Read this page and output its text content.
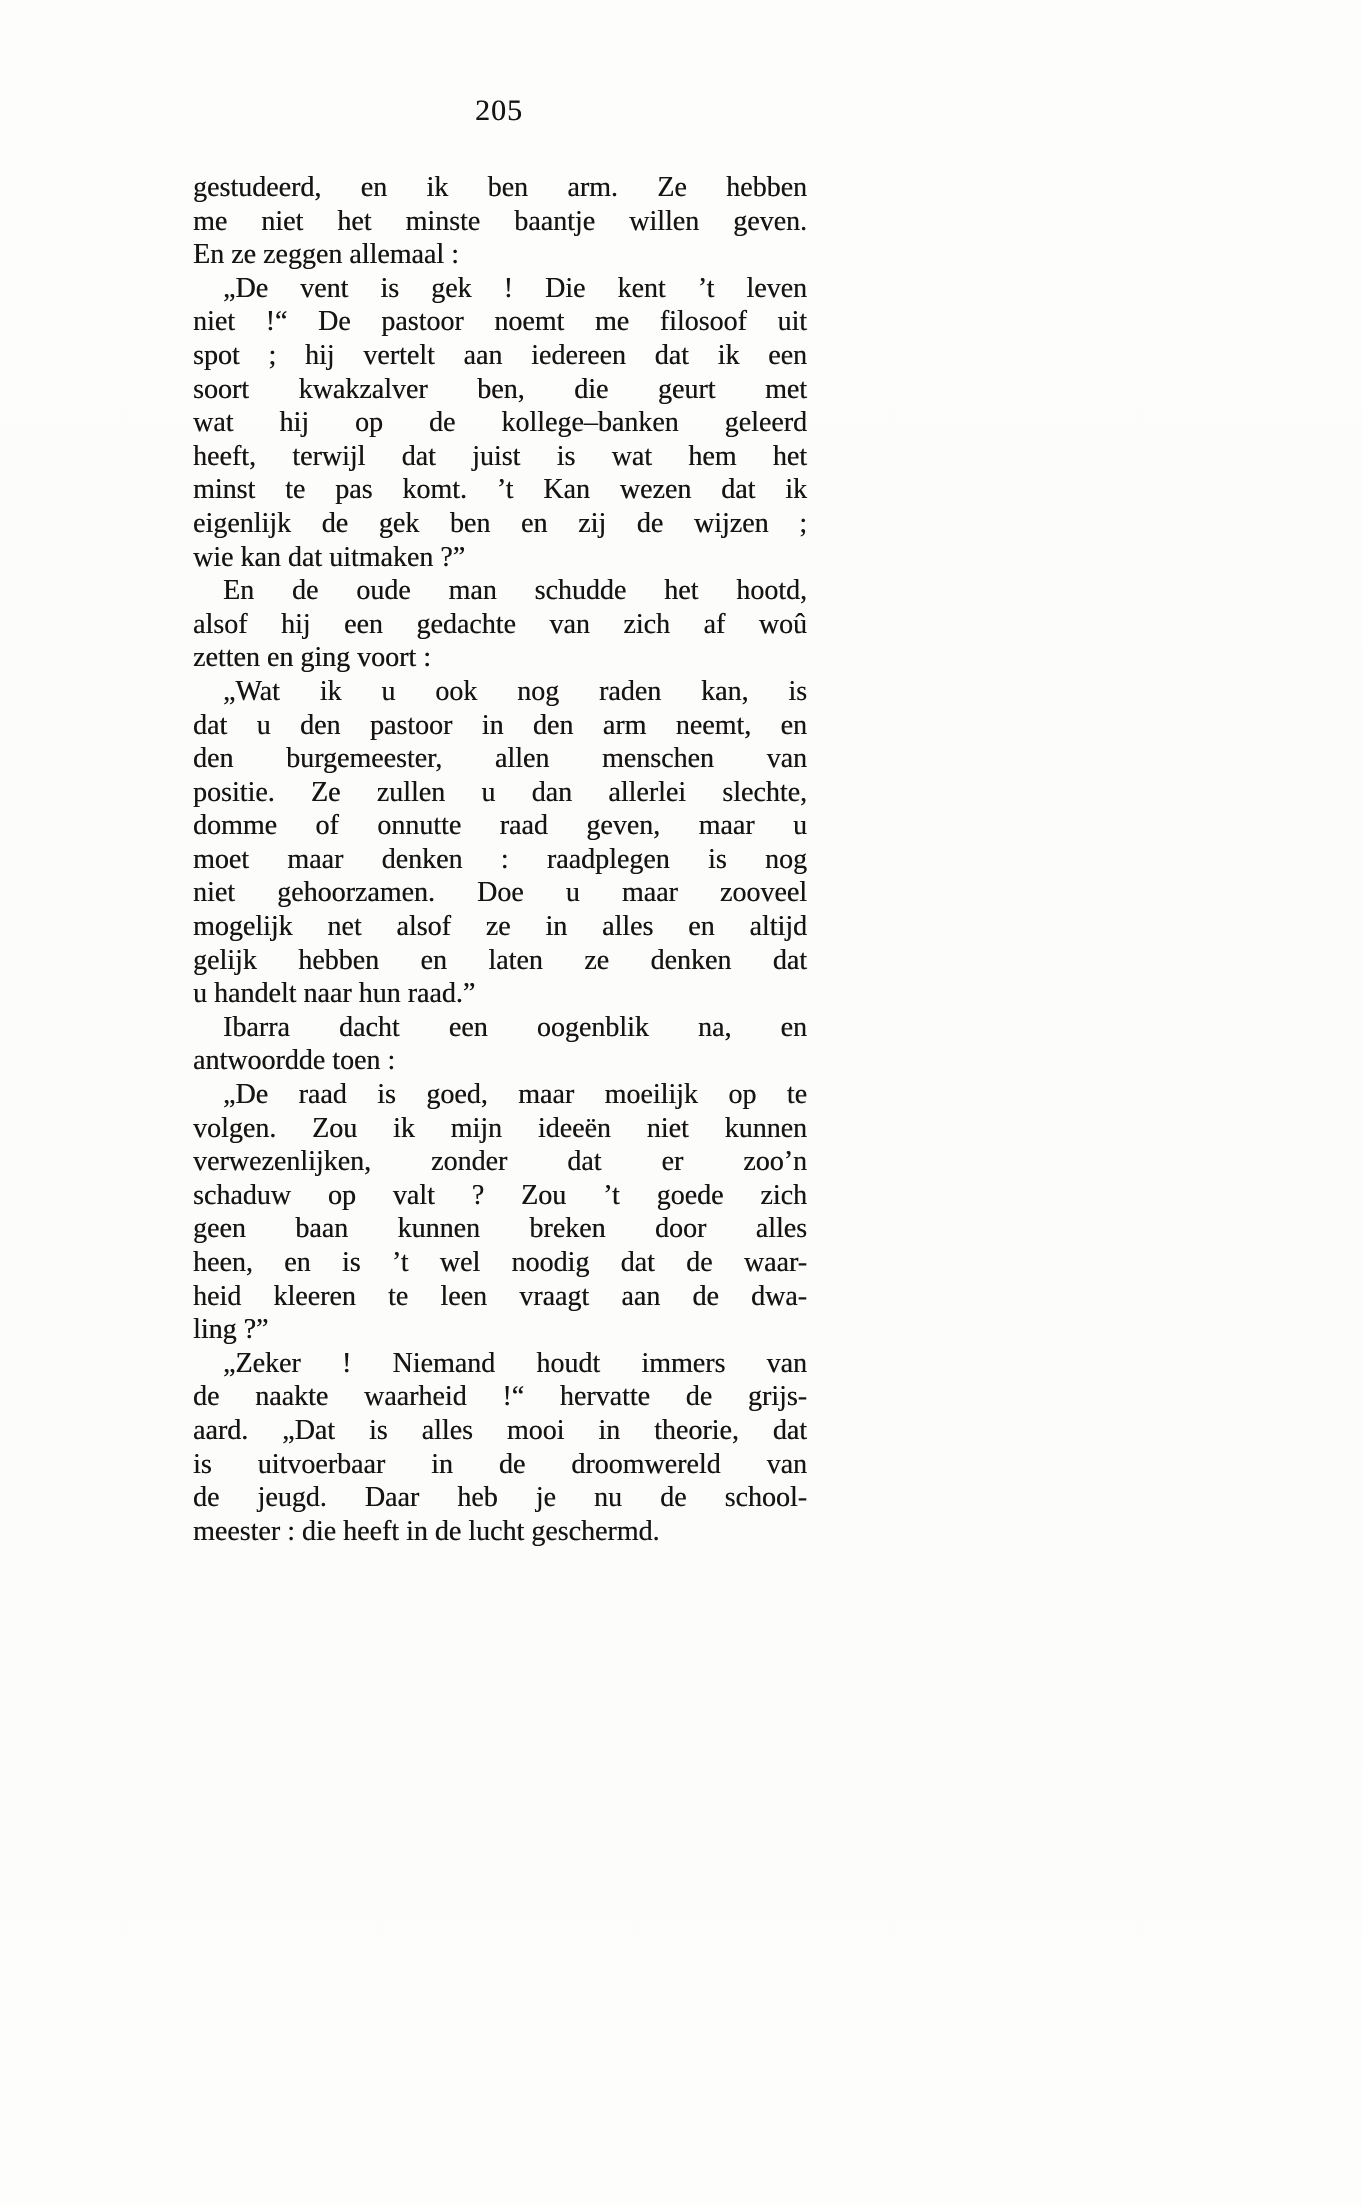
205
gestudeerd, en ik ben arm. Ze hebben
me niet het minste baantje willen geven.
En ze zeggen allemaal :
„De vent is gek ! Die kent ’t leven
niet !“ De pastoor noemt me filosoof uit
spot ; hij vertelt aan iedereen dat ik een
soort kwakzalver ben, die geurt met
wat hij op de kollege–banken geleerd
heeft, terwijl dat juist is wat hem het
minst te pas komt. ’t Kan wezen dat ik
eigenlijk de gek ben en zij de wijzen ;
wie kan dat uitmaken ?”
En de oude man schudde het hootd,
alsof hij een gedachte van zich af woû
zetten en ging voort :
„Wat ik u ook nog raden kan, is
dat u den pastoor in den arm neemt, en
den burgemeester, allen menschen van
positie. Ze zullen u dan allerlei slechte,
domme of onnutte raad geven, maar u
moet maar denken : raadplegen is nog
niet gehoorzamen. Doe u maar zooveel
mogelijk net alsof ze in alles en altijd
gelijk hebben en laten ze denken dat
u handelt naar hun raad.”
Ibarra dacht een oogenblik na, en
antwoordde toen :
„De raad is goed, maar moeilijk op te
volgen. Zou ik mijn ideeën niet kunnen
verwezenlijken, zonder dat er zoo’n
schaduw op valt ? Zou ’t goede zich
geen baan kunnen breken door alles
heen, en is ’t wel noodig dat de waar-
heid kleeren te leen vraagt aan de dwa-
ling ?”
„Zeker ! Niemand houdt immers van
de naakte waarheid !“ hervatte de grijs-
aard. „Dat is alles mooi in theorie, dat
is uitvoerbaar in de droomwereld van
de jeugd. Daar heb je nu de school-
meester : die heeft in de lucht geschermd.
